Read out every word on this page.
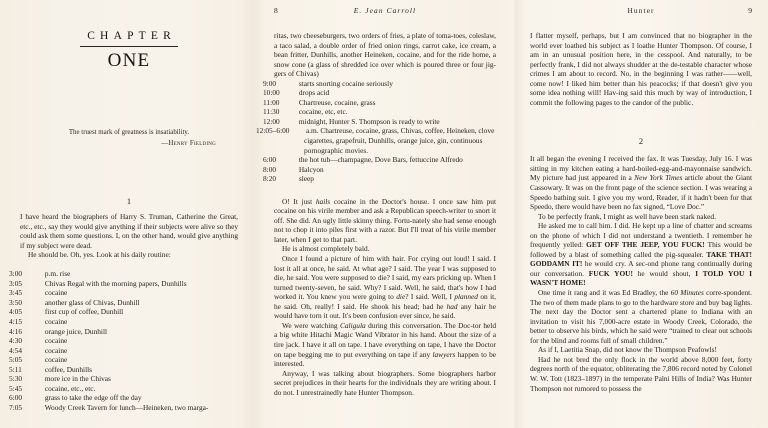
CHAPTER
ONE
The truest mark of greatness is insatiability.
—Henry Fielding
1

I have heard the biographers of Harry S. Truman, Catherine the Great, etc., etc., say they would give anything if their subjects were alive so they could ask them some questions. I, on the other hand, would give anything if my subject were dead.

He should be. Oh, yes. Look at his daily routine:

3:00	p.m. rise
3:05	Chivas Regal with the morning papers, Dunhills
3:45	cocaine
3:50	another glass of Chivas, Dunhill
4:05	first cup of coffee, Dunhill
4:15	cocaine
4:16	orange juice, Dunhill
4:30	cocaine
4:54	cocaine
5:05	cocaine
5:11	coffee, Dunhills
5:30	more ice in the Chivas
5:45	cocaine, etc., etc.
6:00	grass to take the edge off the day
7:05	Woody Creek Tavern for lunch—Heineken, two marga-
8	E. Jean Carroll

ritas, two cheeseburgers, two orders of fries, a plate of toma-toes, coleslaw, a taco salad, a double order of fried onion rings, carrot cake, ice cream, a bean fritter, Dunhills, another Heineken, cocaine, and for the ride home, a snow cone (a glass of shredded ice over which is poured three or four jig-gers of Chivas)

9:00	starts snorting cocaine seriously
10:00	drops acid
11:00	Chartreuse, cocaine, grass
11:30	cocaine, etc, etc.
12:00	midnight, Hunter S. Thompson is ready to write
12:05–6:00 a.m. Chartreuse, cocaine, grass, Chivas, coffee, Heineken, clove cigarettes, grapefruit, Dunhills, orange juice, gin, continuous pornographic movies.
6:00	the hot tub—champagne, Dove Bars, fettuccine Alfredo
8:00	Halcyon
8:20	sleep

O! It just hails cocaine in the Doctor's house. I once saw him put cocaine on his virile member and ask a Republican speech-writer to snort it off. She did. An ugly little skinny thing. Fortu-nately she had sense enough not to chop it into piles first with a razor. But I'll treat of his virile member later, when I get to that part.

He is almost completely bald.

Once I found a picture of him with hair. For crying out loud! I said. I lost it all at once, he said. At what age? I said. The year I was supposed to die, he said. You were supposed to die? I said, my ears pricking up. When I turned twenty-seven, he said. Why? I said. Well, he said, that's how I had worked it. You knew you were going to die? I said. Well, I planned on it, he said. Oh, really! I said. He shook his head; had he had any hair he would have torn it out. It's been confusion ever since, he said.

We were watching Caligula during this conversation. The Doc-tor held a big white Hitachi Magic Wand Vibrator in his hand. About the size of a tire jack. I have it all on tape. I have everything on tape, I have the Doctor on tape begging me to put everything on tape if any lawyers happen to be interested.

Anyway, I was talking about biographers. Some biographers harbor secret prejudices in their hearts for the individuals they are writing about. I do not. I unrestrainedly hate Hunter Thompson.

Hunter	9

I flatter myself, perhaps, but I am convinced that no biographer in the world ever loathed his subject as I loathe Hunter Thompson. Of course, I am in an unusual position here, in the cesspool. And naturally, to be perfectly frank, I did not always shudder at the de-testable character whose crimes I am about to record. No, in the beginning I was rather——well, come now! I liked him better than his peacocks; if that doesn't give you some idea nothing will! Hav-ing said this much by way of introduction, I commit the following pages to the candor of the public.

2

It all began the evening I received the fax. It was Tuesday, July 16. I was sitting in my kitchen eating a hard-boiled-egg-and-mayonnaise sandwich. My picture had just appeared in a New York Times article about the Giant Cassowary. It was on the front page of the science section. I was wearing a Speedo bathing suit. I give you my word, Reader, if it hadn't been for that Speedo, there would have been no fax signed, “Love Doc.”

To be perfectly frank, I might as well have been stark naked.

He asked me to call him. I did. He kept up a line of chatter and screams on the phone of which I did not understand a twentieth. I remember he frequently yelled: GET OFF THE JEEP, YOU FUCK! This would be followed by a blast of something called the pig-squealer. TAKE THAT! GODDAMN IT! he would cry. A sec-ond phone rang continually during our conversation. FUCK YOU! he would shout, I TOLD YOU I WASN'T HOME!

One time it rang and it was Ed Bradley, the 60 Minutes corre-spondent. The two of them made plans to go to the hardware store and buy bag lights. The next day the Doctor sent a chartered plane to Indiana with an invitation to visit his 7,000-acre estate in Woody Creek, Colorado, the better to observe his birds, which he said were “trained to clear out schools for the blind and rooms full of small children.”

As if I, Laetitia Snap, did not know the Thompson Peafowls!

Had he not bred the only flock in the world above 8,000 feet, forty degrees north of the equator, obliterating the 7,806 record noted by Colonel W. W. Tott (1823–1897) in the temperate Palni Hills of India? Was Hunter Thompson not rumored to possess the
